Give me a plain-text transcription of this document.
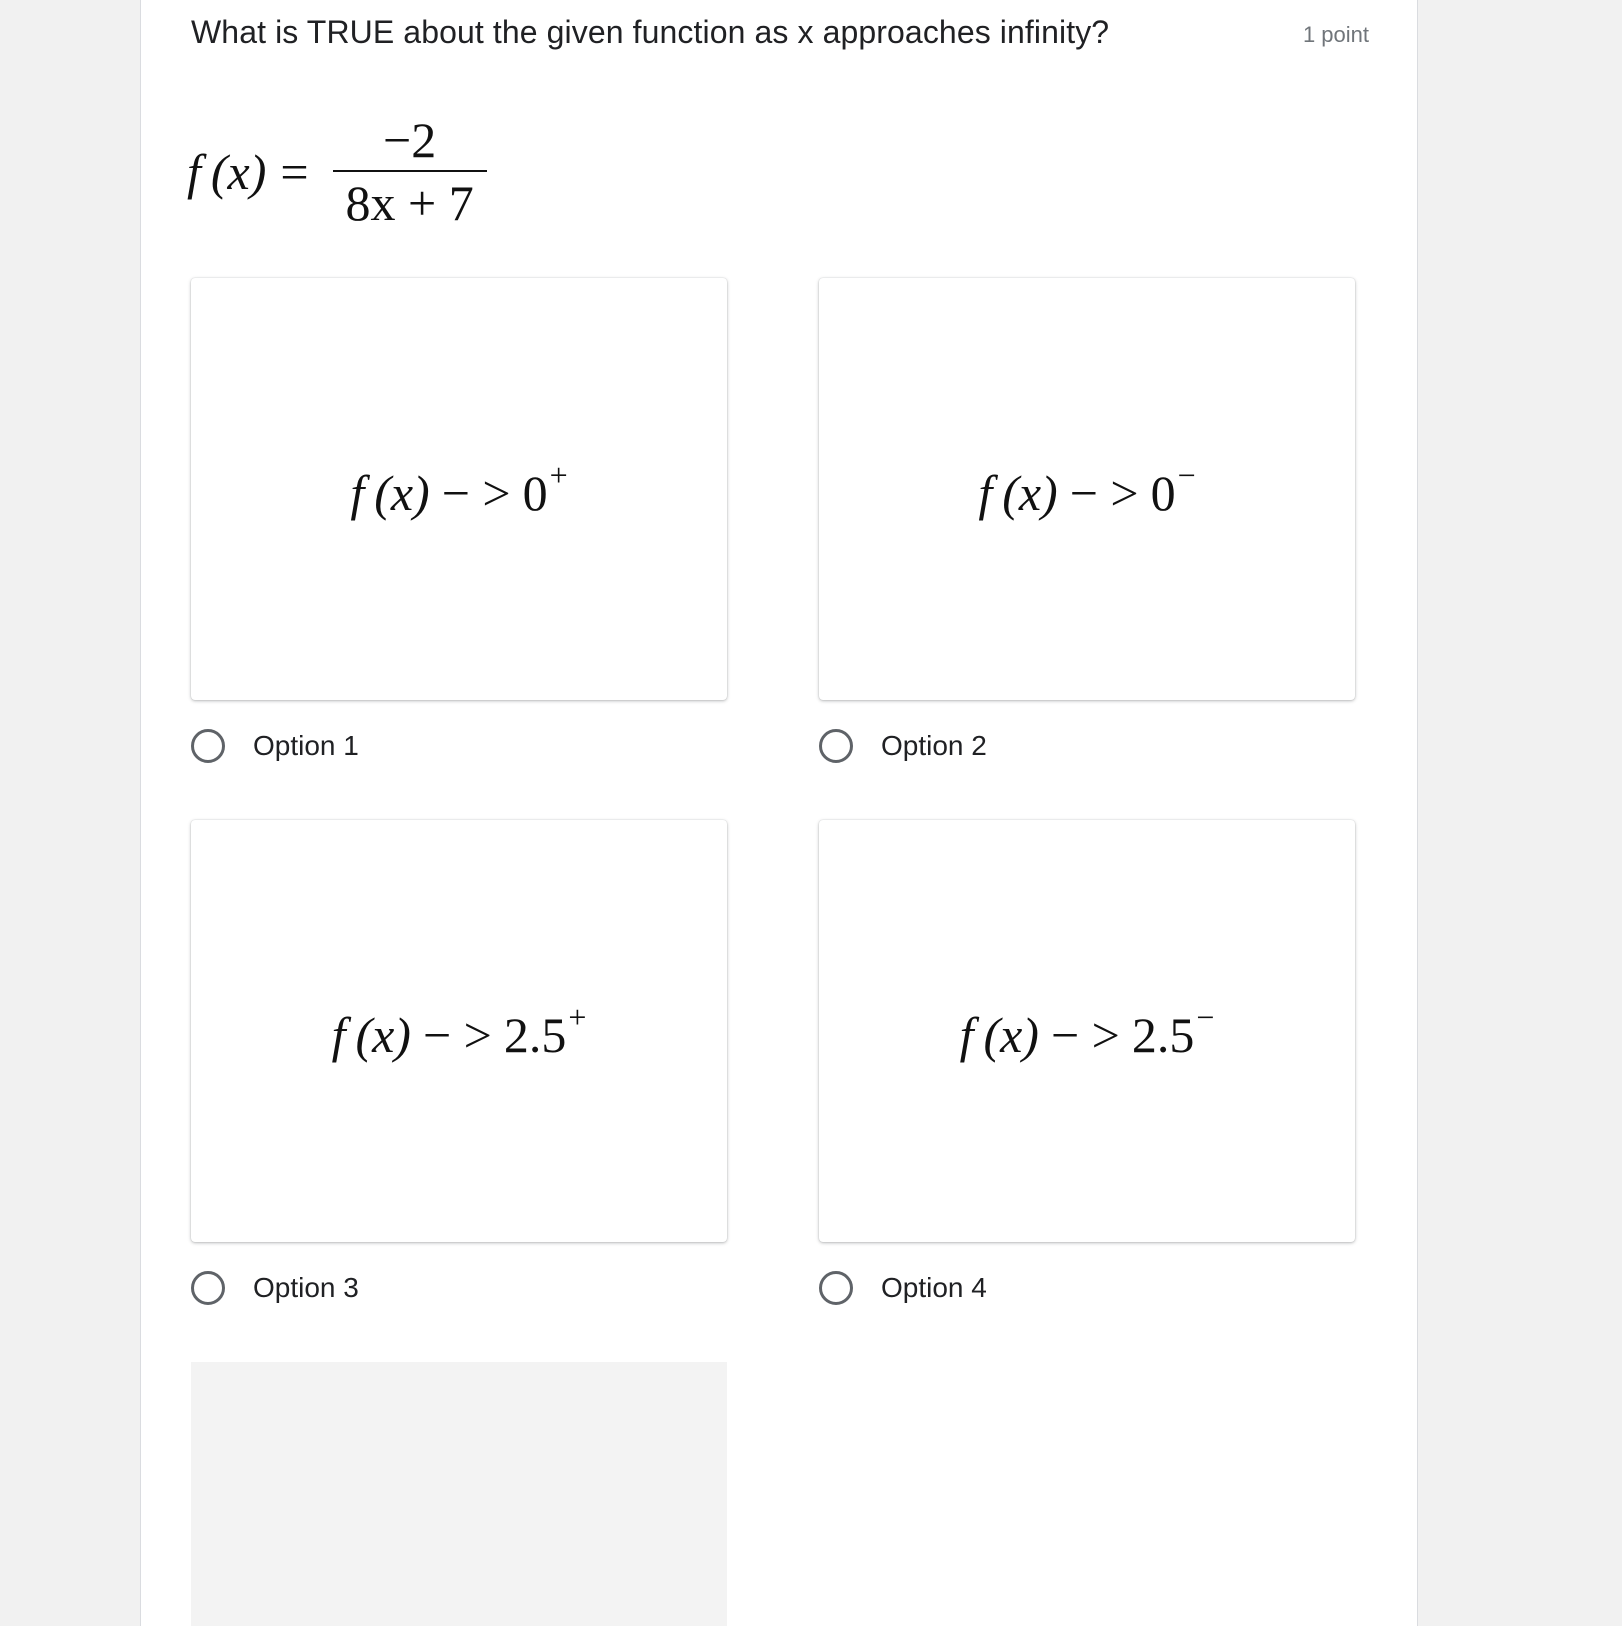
What is TRUE about the given function as x approaches infinity?	1 point
f $(x) = \frac{-2}{8x + 7}$
f (x) − > 0+
Option 1
f (x) − > 0−
Option 2
f (x) − > 2.5+
Option 3
f (x) − > 2.5−
Option 4
